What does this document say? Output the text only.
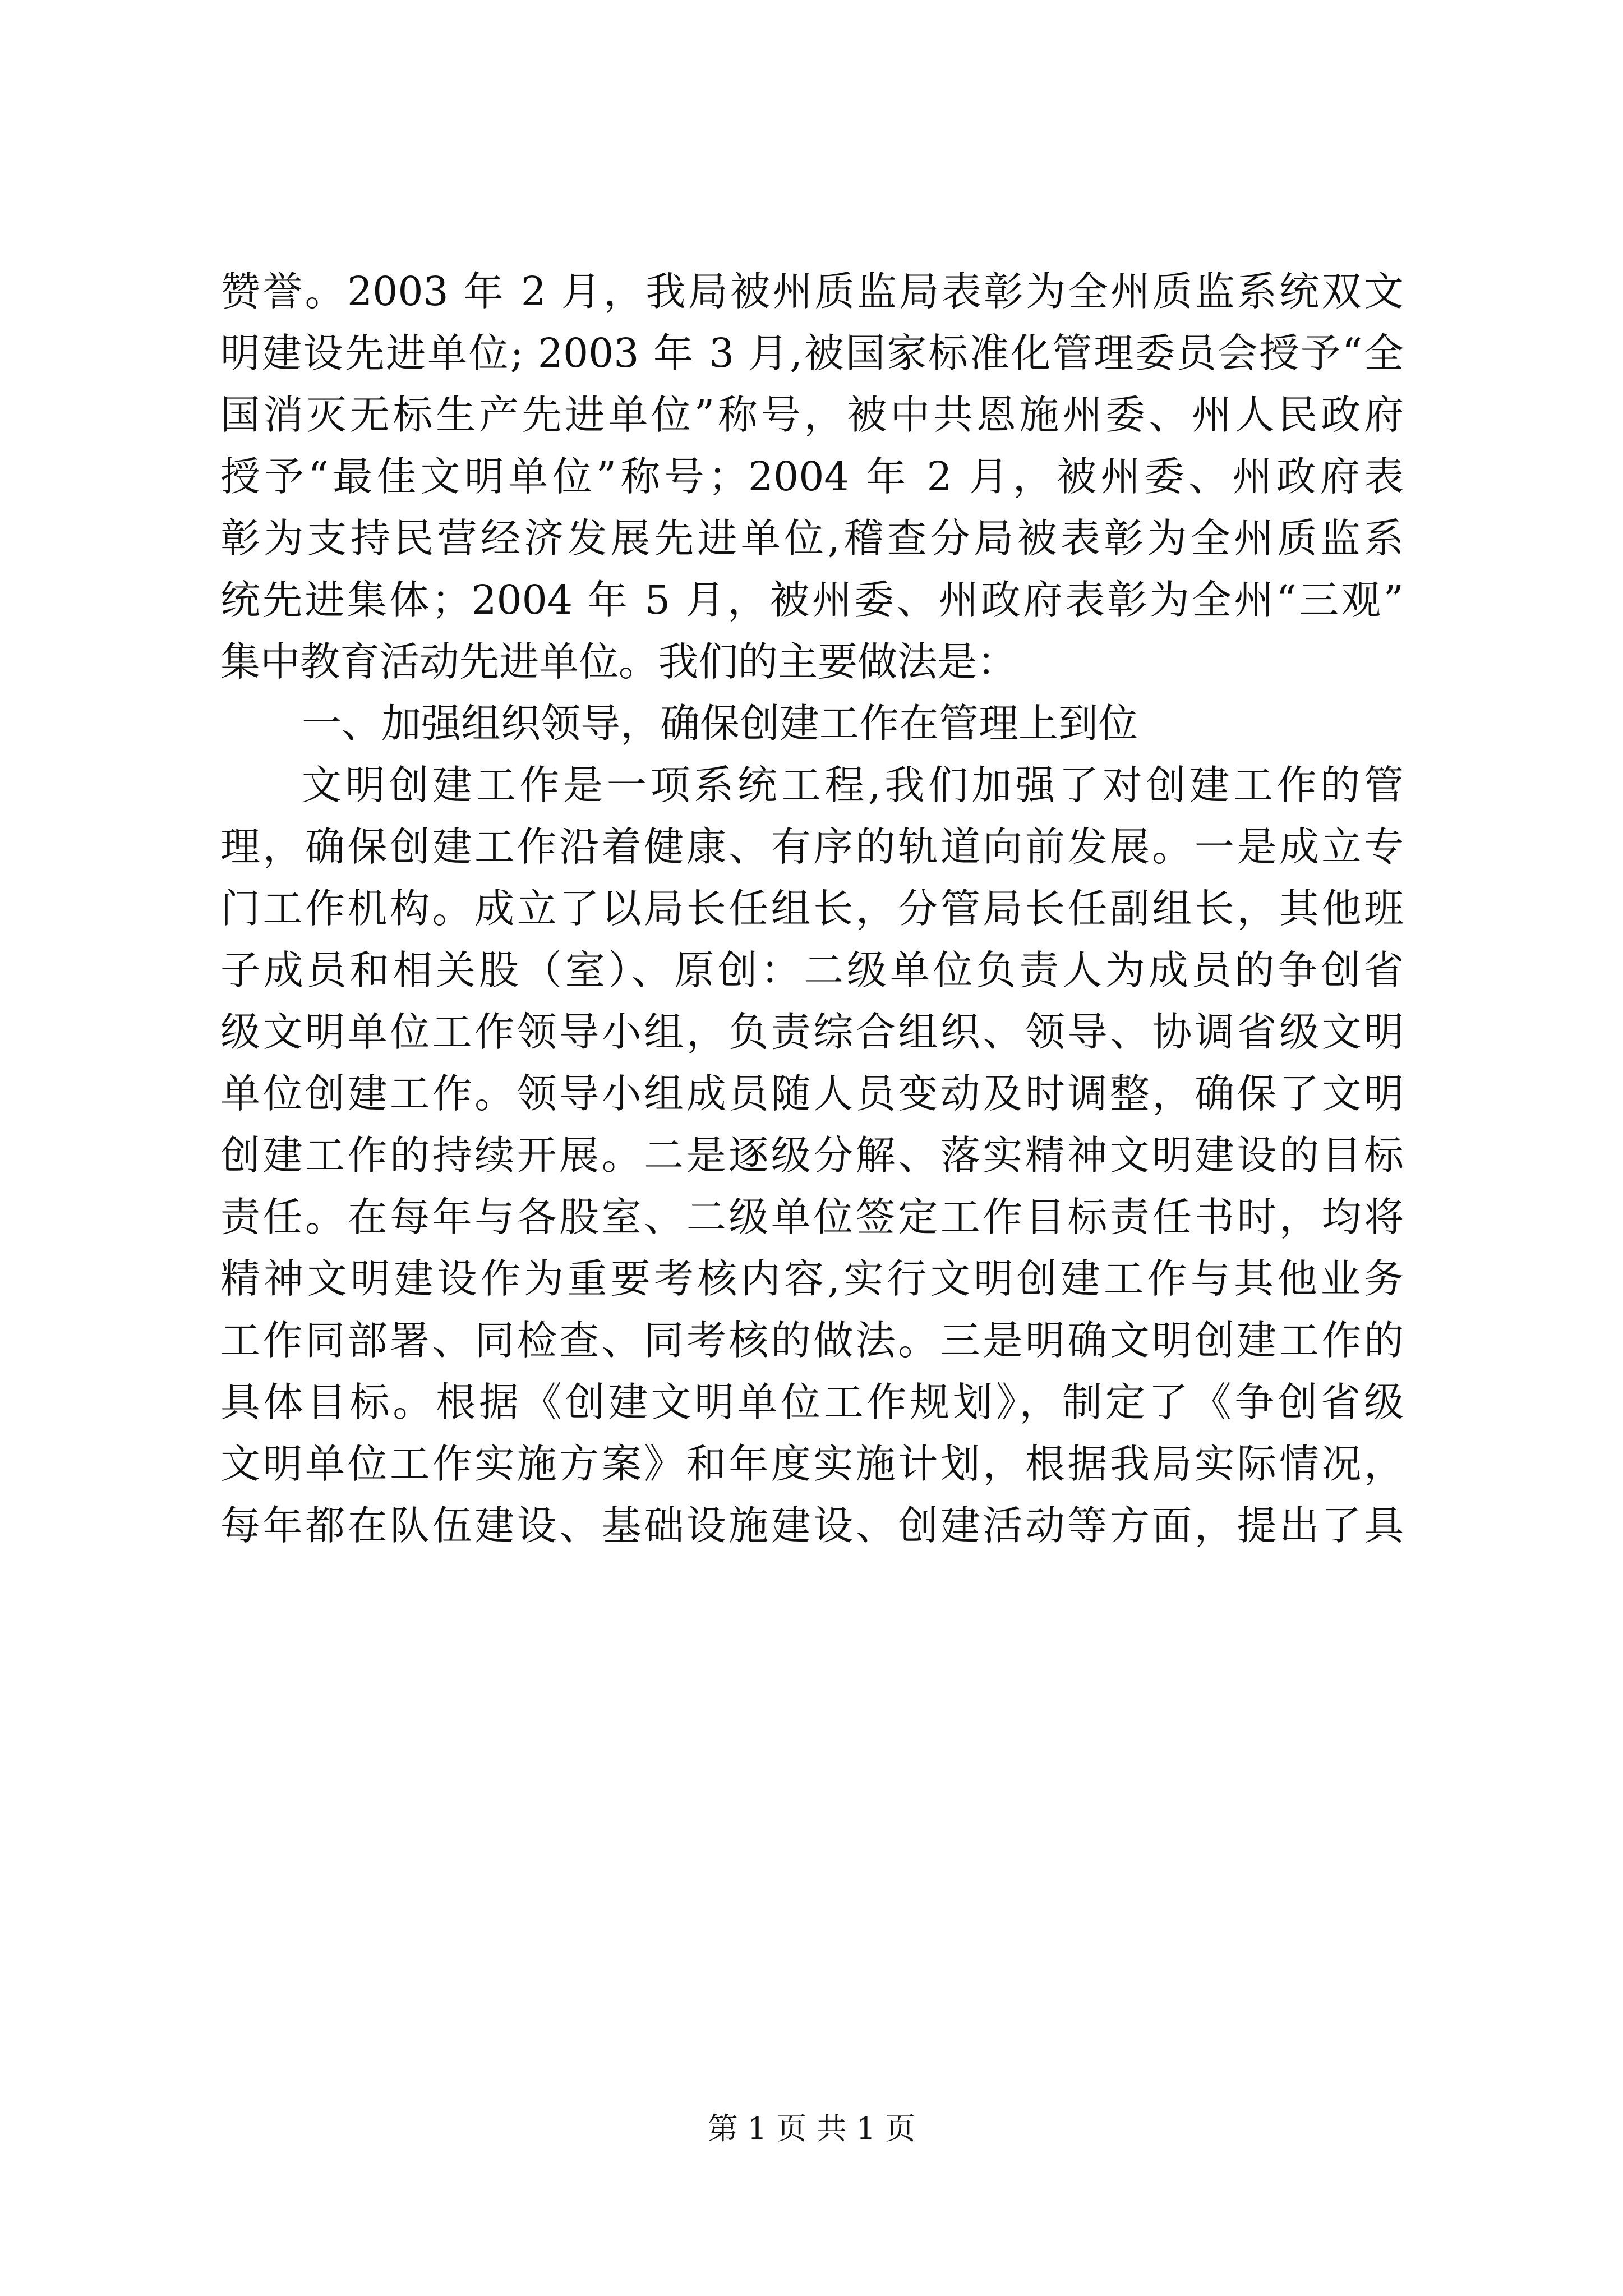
赞誉。2003 年 2 月，我局被州质监局表彰为全州质监系统双文
明建设先进单位; 2003 年 3 月,被国家标准化管理委员会授予“全
国消灭无标生产先进单位”称号，被中共恩施州委、州人民政府
授予“最佳文明单位”称号；2004 年 2 月，被州委、州政府表
彰为支持民营经济发展先进单位,稽查分局被表彰为全州质监系
统先进集体；2004 年 5 月，被州委、州政府表彰为全州“三观”
集中教育活动先进单位。我们的主要做法是：
一、加强组织领导，确保创建工作在管理上到位
文明创建工作是一项系统工程,我们加强了对创建工作的管
理，确保创建工作沿着健康、有序的轨道向前发展。一是成立专
门工作机构。成立了以局长任组长，分管局长任副组长，其他班
子成员和相关股（室）、原创：二级单位负责人为成员的争创省
级文明单位工作领导小组，负责综合组织、领导、协调省级文明
单位创建工作。领导小组成员随人员变动及时调整，确保了文明
创建工作的持续开展。二是逐级分解、落实精神文明建设的目标
责任。在每年与各股室、二级单位签定工作目标责任书时，均将
精神文明建设作为重要考核内容,实行文明创建工作与其他业务
工作同部署、同检查、同考核的做法。三是明确文明创建工作的
具体目标。根据《创建文明单位工作规划》，制定了《争创省级
文明单位工作实施方案》和年度实施计划，根据我局实际情况，
每年都在队伍建设、基础设施建设、创建活动等方面，提出了具
第 1 页 共 1 页
